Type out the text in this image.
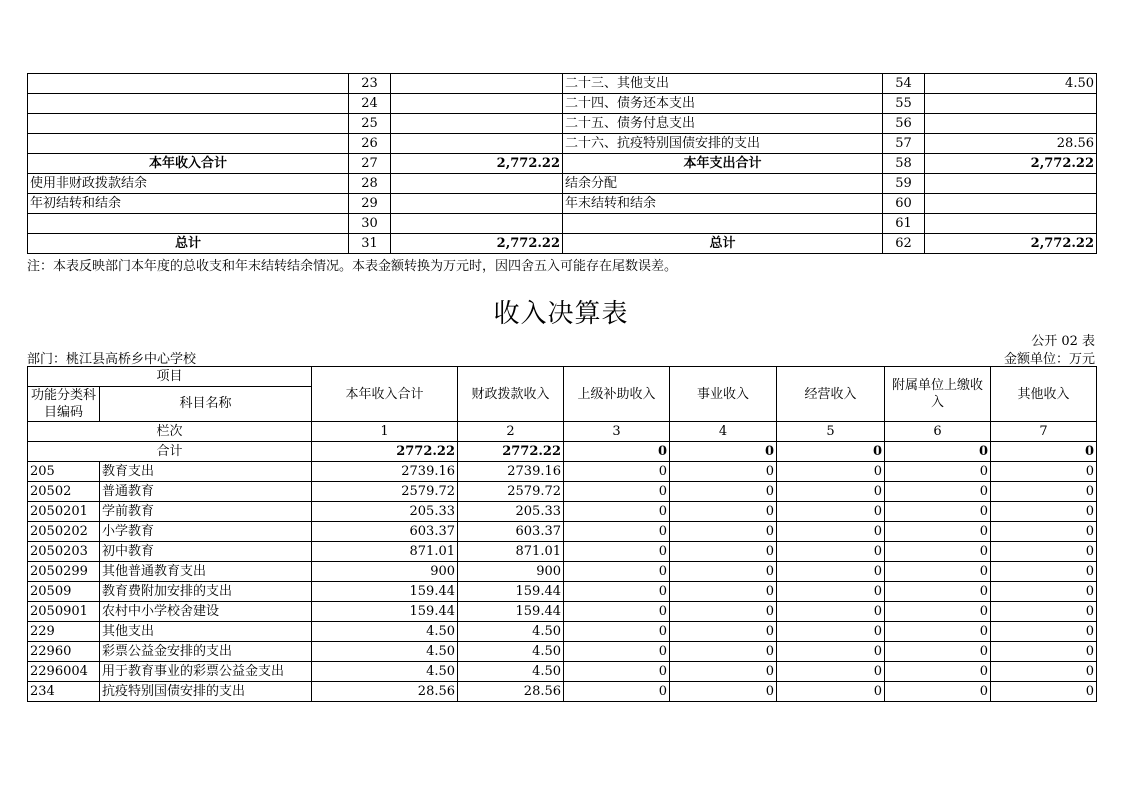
	23		二十三、其他支出	54	4.50
	24		二十四、债务还本支出	55	
	25		二十五、债务付息支出	56	
	26		二十六、抗疫特别国债安排的支出	57	28.56
本年收入合计	27	2,772.22	本年支出合计	58	2,772.22
使用非财政拨款结余	28		结余分配	59	
年初结转和结余	29		年末结转和结余	60	
	30			61	
总计	31	2,772.22	总计	62	2,772.22
注：本表反映部门本年度的总收支和年末结转结余情况。本表金额转换为万元时，因四舍五入可能存在尾数误差。
收入决算表
公开 02 表
部门：桃江县高桥乡中心学校	金额单位：万元
项目		本年收入合计	财政拨款收入	上级补助收入	事业收入	经营收入	附属单位上缴收入	其他收入
功能分类科目编码	科目名称							

栏次		1	2	3	4	5	6	7
合计		2772.22	2772.22	0	0	0	0	0
205	教育支出	2739.16	2739.16	0	0	0	0	0
20502	普通教育	2579.72	2579.72	0	0	0	0	0
2050201	学前教育	205.33	205.33	0	0	0	0	0
2050202	小学教育	603.37	603.37	0	0	0	0	0
2050203	初中教育	871.01	871.01	0	0	0	0	0
2050299	其他普通教育支出	900	900	0	0	0	0	0
20509	教育费附加安排的支出	159.44	159.44	0	0	0	0	0
2050901	农村中小学校舍建设	159.44	159.44	0	0	0	0	0
229	其他支出	4.50	4.50	0	0	0	0	0
22960	彩票公益金安排的支出	4.50	4.50	0	0	0	0	0
2296004	用于教育事业的彩票公益金支出	4.50	4.50	0	0	0	0	0
234	抗疫特别国债安排的支出	28.56	28.56	0	0	0	0	0
